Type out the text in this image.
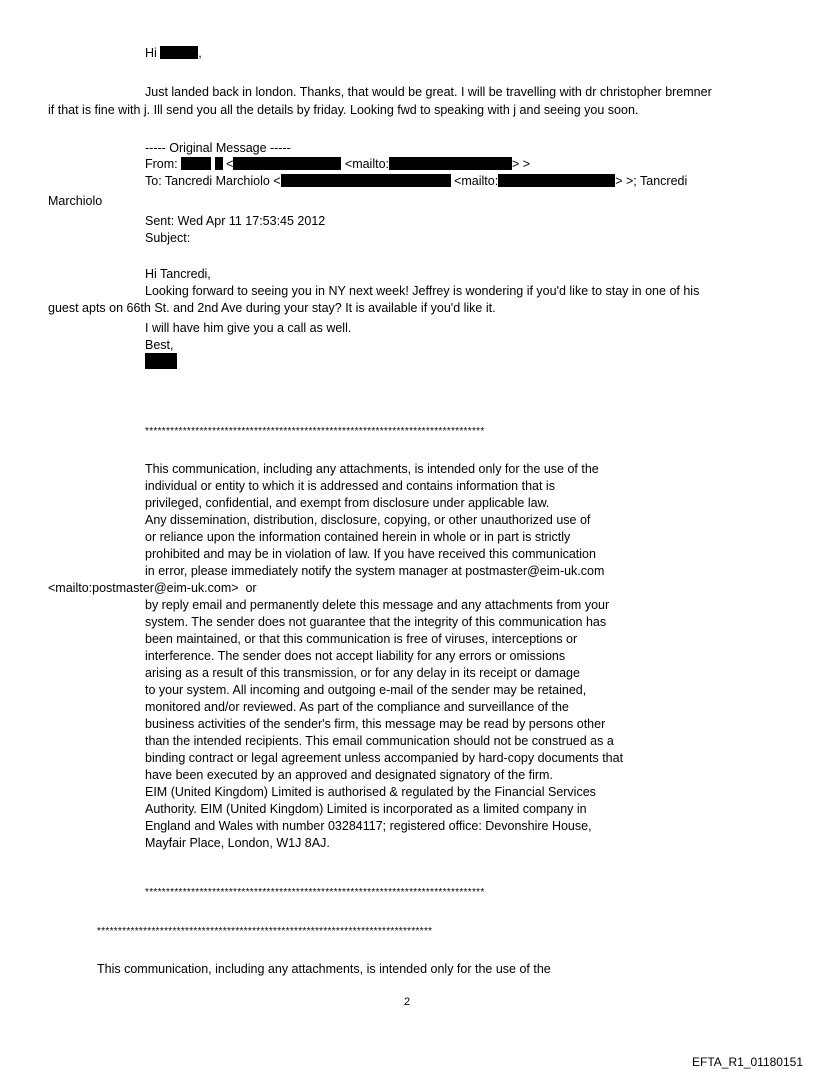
Hi	,
Just landed back in london. Thanks, that would be great. I will be travelling with dr christopher bremner
if that is fine with j. Ill send you all the details by friday. Looking fwd to speaking with j and seeing you soon.
----- Original Message -----
From:	<	<mailto:	> >
To: Tancredi Marchiolo <	<mailto:	> >; Tancredi
Marchiolo
Sent: Wed Apr 11 17:53:45 2012
Subject:
Hi Tancredi,
Looking forward to seeing you in NY next week! Jeffrey is wondering if you'd like to stay in one of his
guest apts on 66th St. and 2nd Ave during your stay? It is available if you'd like it.
I will have him give you a call as well.
Best,
*********************************************************************************
This communication, including any attachments, is intended only for the use of the
individual or entity to which it is addressed and contains information that is
privileged, confidential, and exempt from disclosure under applicable law.
Any dissemination, distribution, disclosure, copying, or other unauthorized use of
or reliance upon the information contained herein in whole or in part is strictly
prohibited and may be in violation of law. If you have received this communication
in error, please immediately notify the system manager at postmaster@eim-uk.com
<mailto:postmaster@eim-uk.com>  or
by reply email and permanently delete this message and any attachments from your
system. The sender does not guarantee that the integrity of this communication has
been maintained, or that this communication is free of viruses, interceptions or
interference. The sender does not accept liability for any errors or omissions
arising as a result of this transmission, or for any delay in its receipt or damage
to your system. All incoming and outgoing e-mail of the sender may be retained,
monitored and/or reviewed. As part of the compliance and surveillance of the
business activities of the sender's firm, this message may be read by persons other
than the intended recipients. This email communication should not be construed as a
binding contract or legal agreement unless accompanied by hard-copy documents that
have been executed by an approved and designated signatory of the firm.
EIM (United Kingdom) Limited is authorised & regulated by the Financial Services
Authority. EIM (United Kingdom) Limited is incorporated as a limited company in
England and Wales with number 03284117; registered office: Devonshire House,
Mayfair Place, London, W1J 8AJ.
*********************************************************************************
********************************************************************************
This communication, including any attachments, is intended only for the use of the
2
EFTA_R1_01180151
